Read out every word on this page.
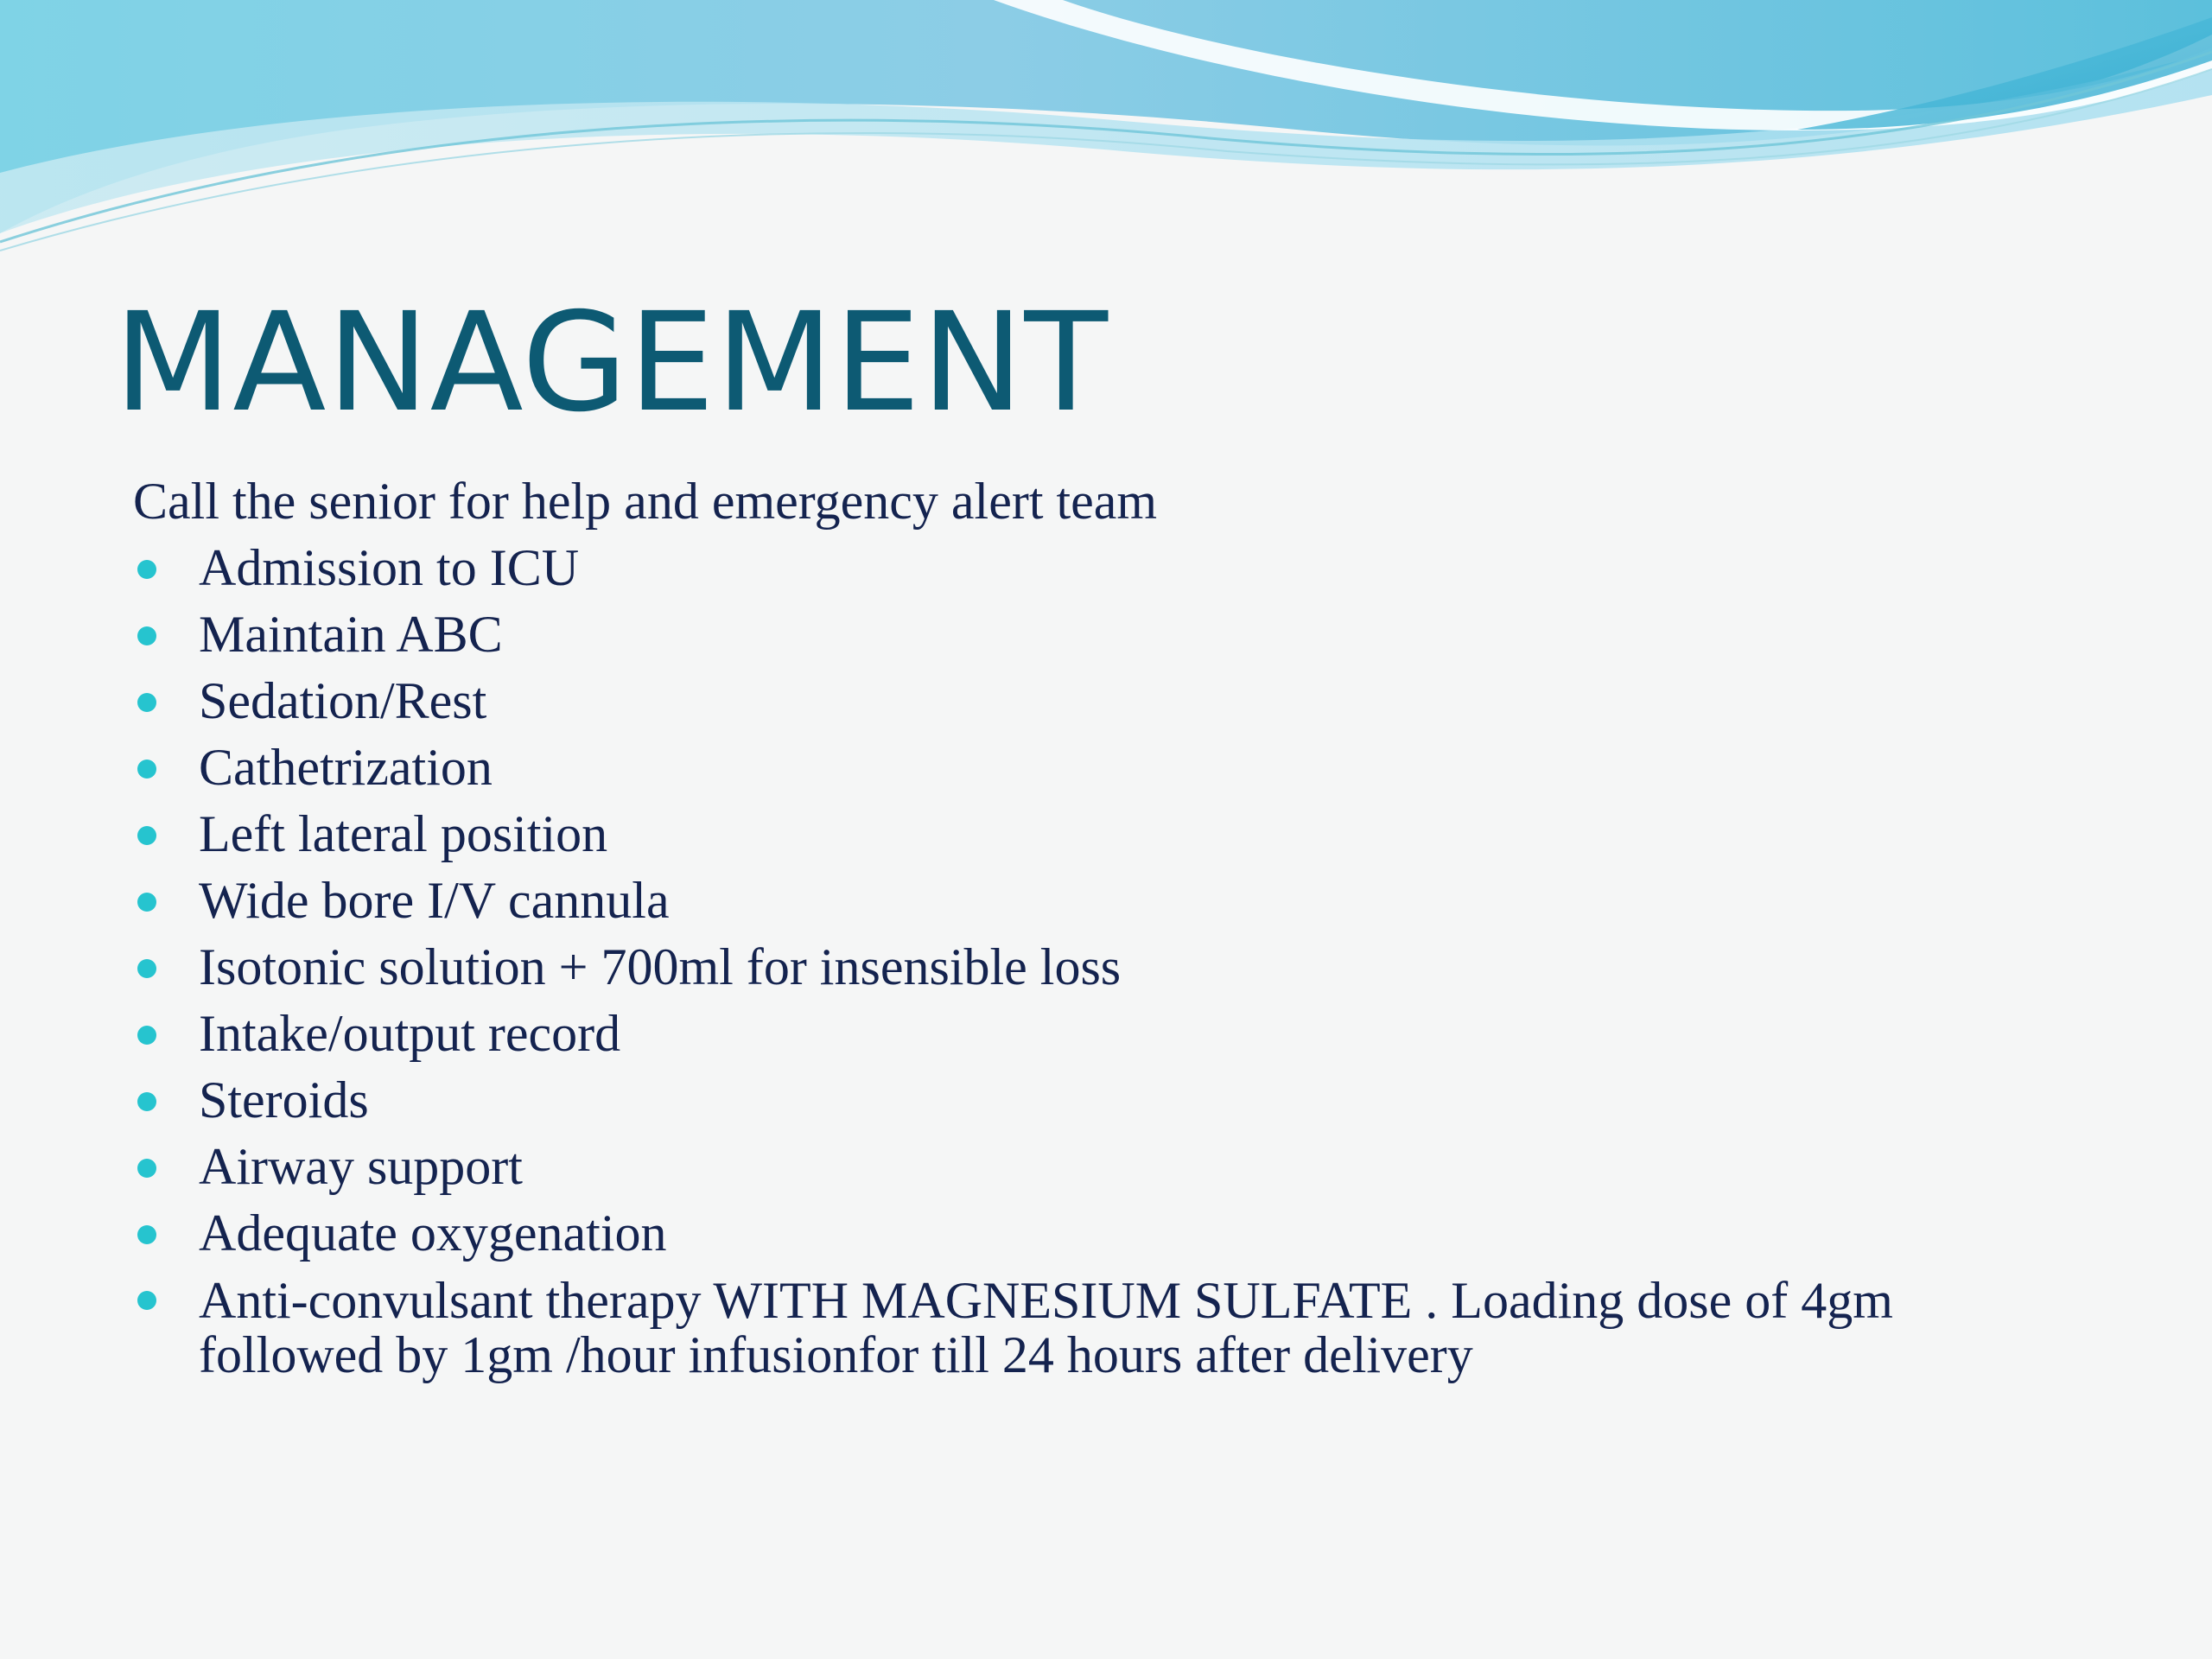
MANAGEMENT
Call the senior for help and emergency alert team
Admission to ICU
Maintain ABC
Sedation/Rest
Cathetrization
Left lateral position
Wide bore I/V cannula
Isotonic solution + 700ml for insensible loss
Intake/output record
Steroids
Airway support
Adequate oxygenation
Anti-convulsant therapy WITH MAGNESIUM SULFATE . Loading dose of 4gm followed by 1gm /hour infusionfor till 24 hours after delivery
